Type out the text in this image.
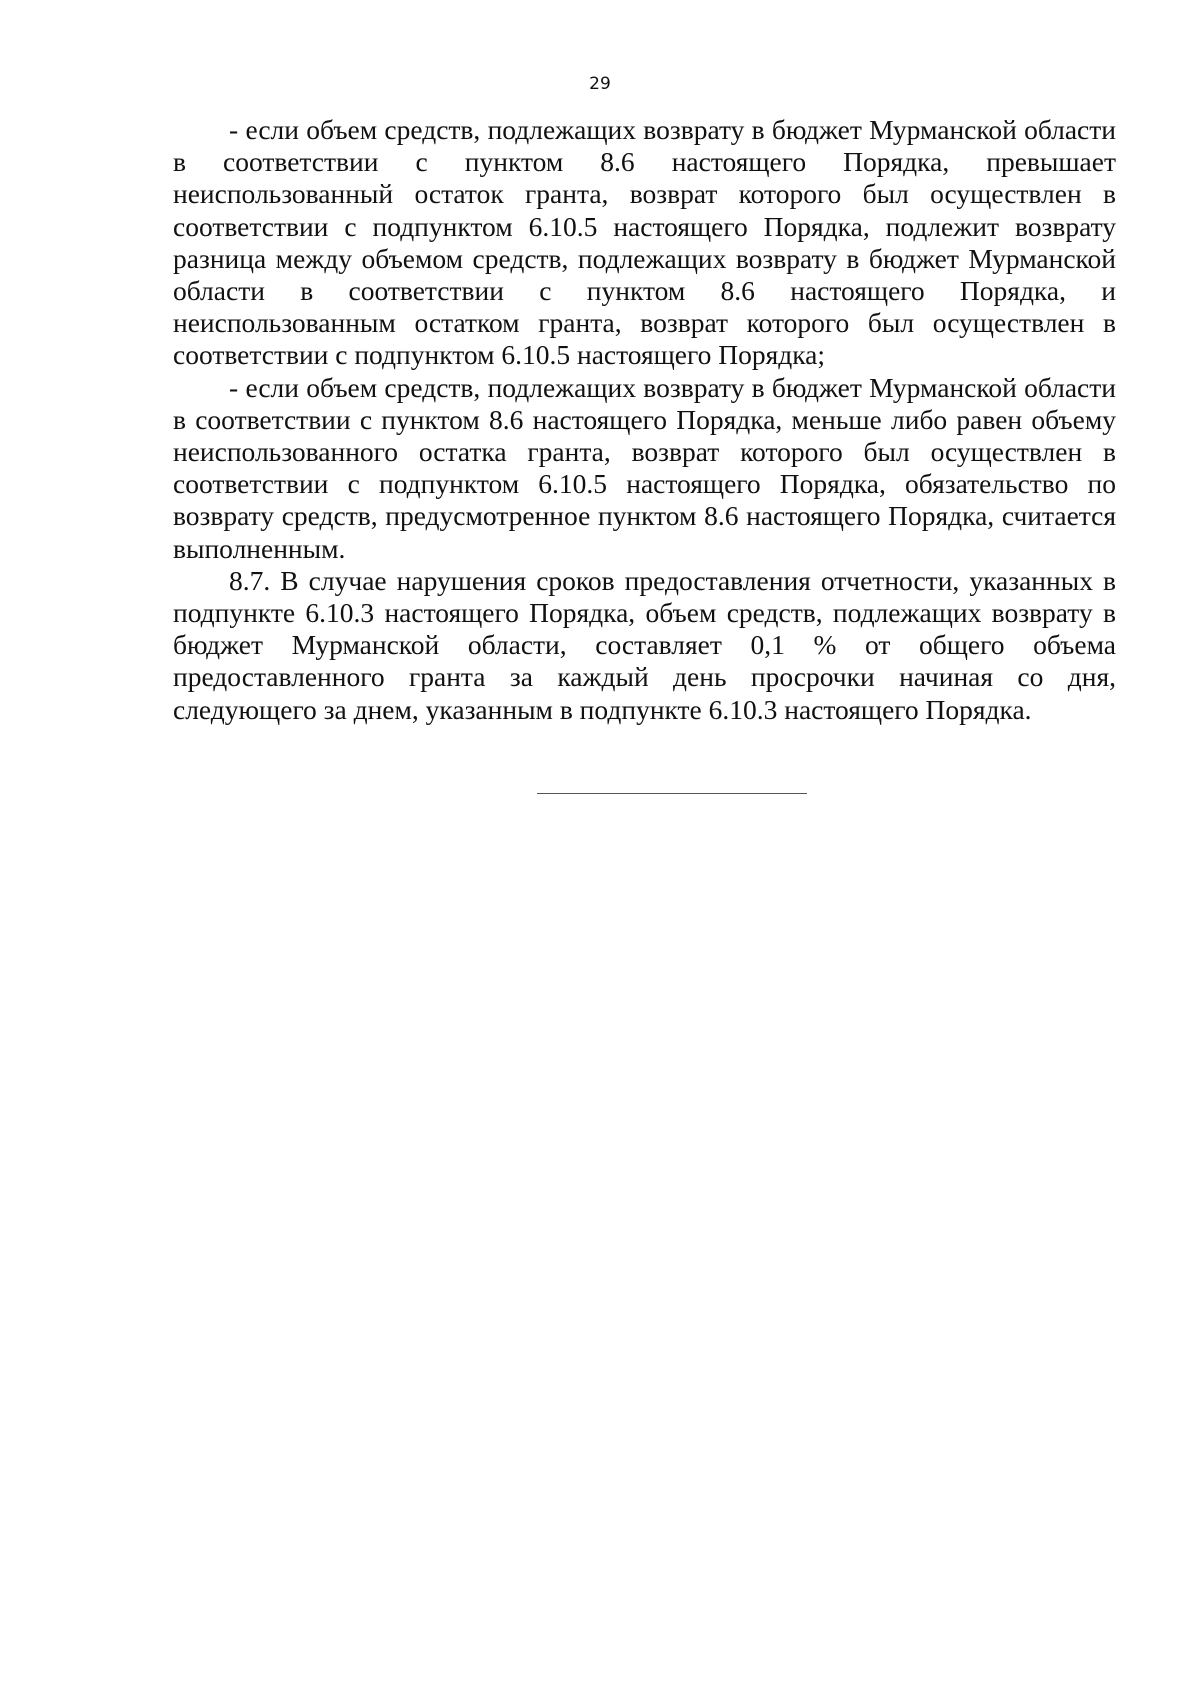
29

- если объем средств, подлежащих возврату в бюджет Мурманской области в соответствии с пунктом 8.6 настоящего Порядка, превышает неиспользованный остаток гранта, возврат которого был осуществлен в соответствии с подпунктом 6.10.5 настоящего Порядка, подлежит возврату разница между объемом средств, подлежащих возврату в бюджет Мурманской области в соответствии с пунктом 8.6 настоящего Порядка, и неиспользованным остатком гранта, возврат которого был осуществлен в соответствии с подпунктом 6.10.5 настоящего Порядка;

- если объем средств, подлежащих возврату в бюджет Мурманской области в соответствии с пунктом 8.6 настоящего Порядка, меньше либо равен объему неиспользованного остатка гранта, возврат которого был осуществлен в соответствии с подпунктом 6.10.5 настоящего Порядка, обязательство по возврату средств, предусмотренное пунктом 8.6 настоящего Порядка, считается выполненным.

8.7. В случае нарушения сроков предоставления отчетности, указанных в подпункте 6.10.3 настоящего Порядка, объем средств, подлежащих возврату в бюджет Мурманской области, составляет 0,1 % от общего объема предоставленного гранта за каждый день просрочки начиная со дня, следующего за днем, указанным в подпункте 6.10.3 настоящего Порядка.
